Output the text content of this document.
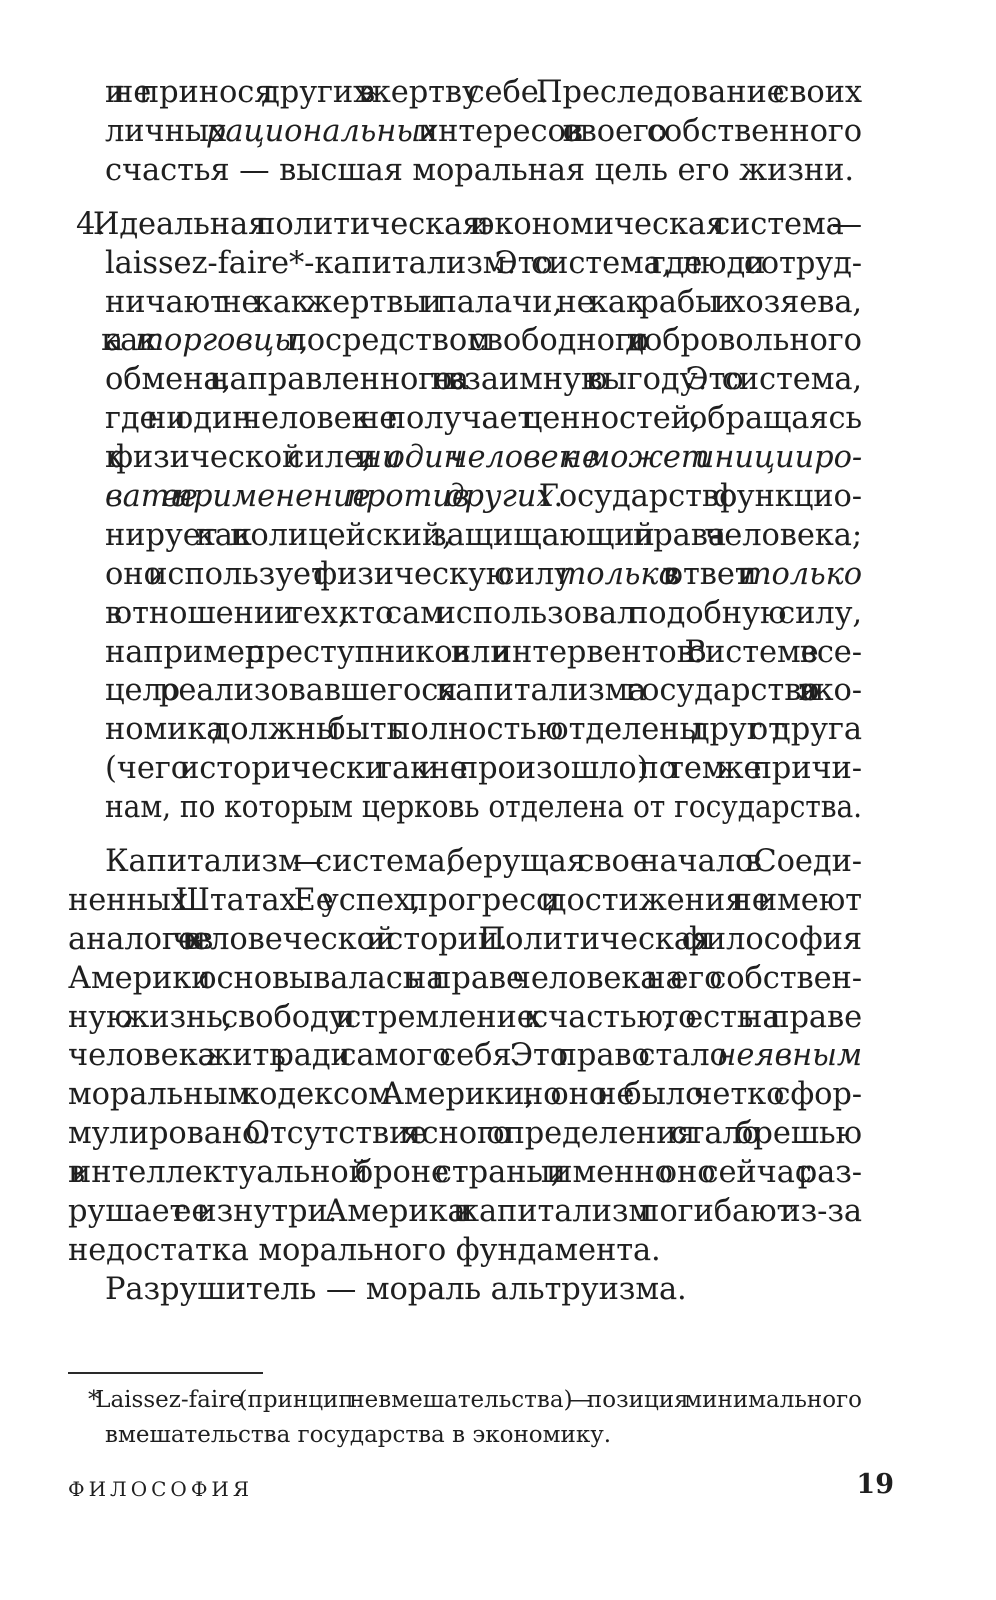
и не принося других в жертву себе. Преследование своих
личных рациональных интересов и своего собственного
счастья — высшая моральная цель его жизни.
4. Идеальная политическая и экономическая система —
laissez-faire*-капитализм. Это система, где люди сотруд-
ничают не как жертвы и палачи, не как рабы и хозяева,
а как торговцы, посредством свободного и добровольного
обмена, направленного на взаимную выгоду. Это система,
где ни один человек не получает ценностей, обращаясь
к физической силе, и ни один человек не может иницииро-
вать ее применение против других. Государство функцио-
нирует как полицейский, защищающий права человека;
оно использует физическую силу только в ответ и только
в отношении тех, кто сам использовал подобную силу,
например преступников или интервентов. В системе все-
цело реализовавшегося капитализма государство и эко-
номика должны быть полностью отделены друг от друга
(чего исторически так и не произошло) по тем же причи-
нам, по которым церковь отделена от государства.
Капитализм — система, берущая свое начало в Соеди-
ненных Штатах. Ее успех, прогресс и достижения не имеют
аналогов в человеческой истории. Политическая философия
Америки основывалась на праве человека на его собствен-
ную жизнь, свободу и стремление к счастью, то есть на праве
человека жить ради самого себя. Это право стало неявным
моральным кодексом Америки, но оно не было четко сфор-
мулировано. Отсутствие ясного определения стало брешью
в интеллектуальной броне страны, и именно оно сейчас раз-
рушает ее изнутри. Америка и капитализм погибают из-за
недостатка морального фундамента.
Разрушитель — мораль альтруизма.
* Laissez-faire (принцип невмешательства) — позиция минимального
вмешательства государства в экономику.
ФИЛОСОФИЯ	19
